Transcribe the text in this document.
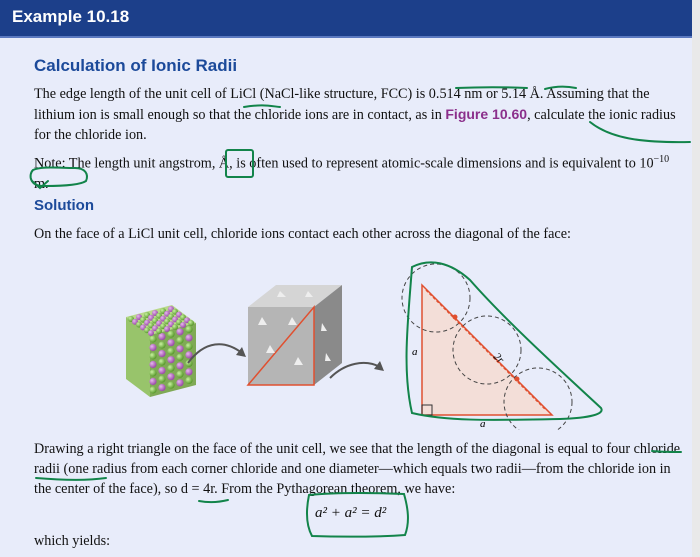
Example 10.18
Calculation of Ionic Radii
The edge length of the unit cell of LiCl (NaCl-like structure, FCC) is 0.514 nm or 5.14 Å. Assuming that the lithium ion is small enough so that the chloride ions are in contact, as in Figure 10.60, calculate the ionic radius for the chloride ion.
Note: The length unit angstrom, Å, is often used to represent atomic-scale dimensions and is equivalent to $10^{-10}$ m.
Solution
On the face of a LiCl unit cell, chloride ions contact each other across the diagonal of the face:
a
a
2r
Drawing a right triangle on the face of the unit cell, we see that the length of the diagonal is equal to four chloride radii (one radius from each corner chloride and one diameter—which equals two radii—from the chloride ion in the center of the face), so d = 4r. From the Pythagorean theorem, we have:
a² + a² = d²
which yields:
